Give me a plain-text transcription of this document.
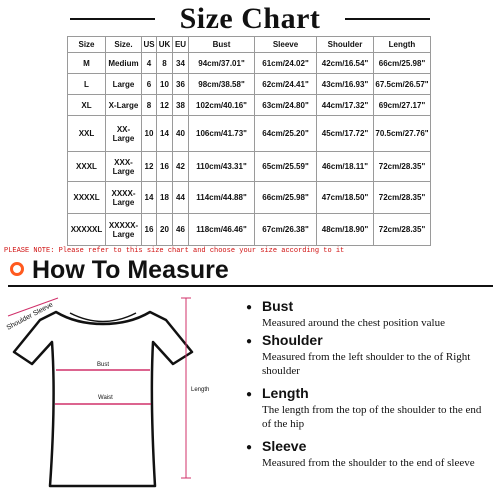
Size Chart
Size	Size.	US	UK	EU	Bust	Sleeve	Shoulder	Length
M	Medium	4	8	34	94cm/37.01"	61cm/24.02"	42cm/16.54"	66cm/25.98"
L	Large	6	10	36	98cm/38.58"	62cm/24.41"	43cm/16.93"	67.5cm/26.57"
XL	X-Large	8	12	38	102cm/40.16"	63cm/24.80"	44cm/17.32"	69cm/27.17"
XXL	XX-Large	10	14	40	106cm/41.73"	64cm/25.20"	45cm/17.72"	70.5cm/27.76"
XXXL	XXX-Large	12	16	42	110cm/43.31"	65cm/25.59"	46cm/18.11"	72cm/28.35"
XXXXL	XXXX-Large	14	18	44	114cm/44.88"	66cm/25.98"	47cm/18.50"	72cm/28.35"
XXXXXL	XXXXX-Large	16	20	46	118cm/46.46"	67cm/26.38"	48cm/18.90"	72cm/28.35"
PLEASE NOTE: Please refer to this size chart and choose your size according to it
How To Measure
Shoulder Sleeve
Bust
Waist
Length
● Bust
Measured around the chest position value
● Shoulder
Measured from the left shoulder to the of Right shoulder
● Length
The length from the top of the shoulder to the end of the hip
● Sleeve
Measured from the shoulder to the end of sleeve
